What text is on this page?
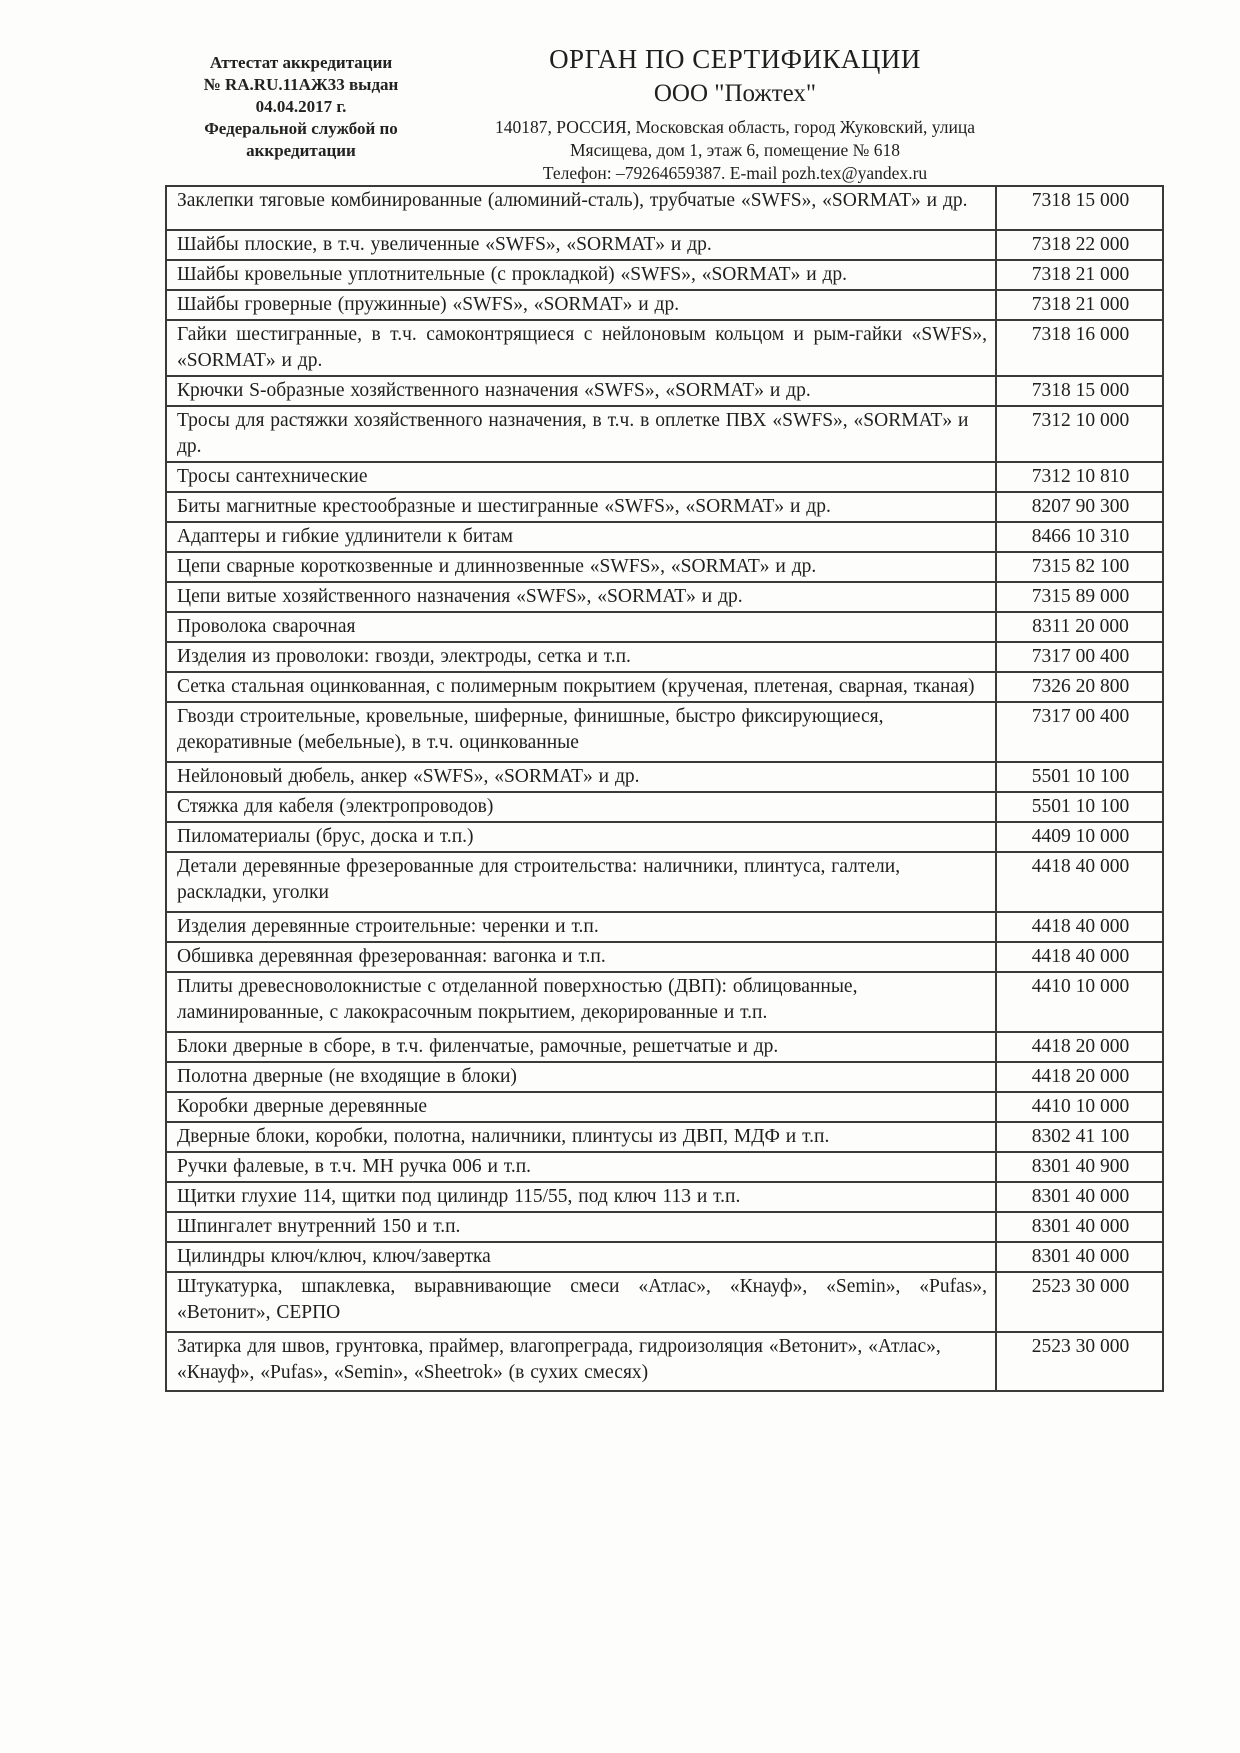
Аттестат аккредитации
№ RA.RU.11АЖ33 выдан
04.04.2017 г.
Федеральной службой по
аккредитации
ОРГАН ПО СЕРТИФИКАЦИИ
ООО "Пожтех"
140187, РОССИЯ, Московская область, город Жуковский, улица
Мясищева, дом 1, этаж 6, помещение № 618
Телефон: –79264659387. E-mail pozh.tex@yandex.ru
Заклепки тяговые комбинированные (алюминий-сталь), трубчатые «SWFS», «SORMAT» и др.	7318 15 000
Шайбы плоские, в т.ч. увеличенные «SWFS», «SORMAT» и др.	7318 22 000
Шайбы кровельные уплотнительные (с прокладкой) «SWFS», «SORMAT» и др.	7318 21 000
Шайбы гроверные (пружинные) «SWFS», «SORMAT» и др.	7318 21 000
Гайки шестигранные, в т.ч. самоконтрящиеся с нейлоновым кольцом и рым-гайки «SWFS», «SORMAT» и др.	7318 16 000
Крючки S-образные хозяйственного назначения «SWFS», «SORMAT» и др.	7318 15 000
Тросы для растяжки хозяйственного назначения, в т.ч. в оплетке ПВХ «SWFS», «SORMAT» и др.	7312 10 000
Тросы сантехнические	7312 10 810
Биты магнитные крестообразные и шестигранные «SWFS», «SORMAT» и др.	8207 90 300
Адаптеры и гибкие удлинители к битам	8466 10 310
Цепи сварные короткозвенные и длиннозвенные «SWFS», «SORMAT» и др.	7315 82 100
Цепи витые хозяйственного назначения «SWFS», «SORMAT» и др.	7315 89 000
Проволока сварочная	8311 20 000
Изделия из проволоки: гвозди, электроды, сетка и т.п.	7317 00 400
Сетка стальная оцинкованная, с полимерным покрытием (крученая, плетеная, сварная, тканая)	7326 20 800
Гвозди строительные, кровельные, шиферные, финишные, быстро фиксирующиеся, декоративные (мебельные), в т.ч. оцинкованные	7317 00 400
Нейлоновый дюбель, анкер «SWFS», «SORMAT» и др.	5501 10 100
Стяжка для кабеля (электропроводов)	5501 10 100
Пиломатериалы (брус, доска и т.п.)	4409 10 000
Детали деревянные фрезерованные для строительства: наличники, плинтуса, галтели, раскладки, уголки	4418 40 000
Изделия деревянные строительные: черенки и т.п.	4418 40 000
Обшивка деревянная фрезерованная: вагонка и т.п.	4418 40 000
Плиты древесноволокнистые с отделанной поверхностью (ДВП): облицованные, ламинированные, с лакокрасочным покрытием, декорированные и т.п.	4410 10 000
Блоки дверные в сборе, в т.ч. филенчатые, рамочные, решетчатые и др.	4418 20 000
Полотна дверные (не входящие в блоки)	4418 20 000
Коробки дверные деревянные	4410 10 000
Дверные блоки, коробки, полотна, наличники, плинтусы из ДВП, МДФ и т.п.	8302 41 100
Ручки фалевые, в т.ч. МН ручка 006 и т.п.	8301 40 900
Щитки глухие 114, щитки под цилиндр 115/55, под ключ 113 и т.п.	8301 40 000
Шпингалет внутренний 150 и т.п.	8301 40 000
Цилиндры ключ/ключ, ключ/завертка	8301 40 000
Штукатурка, шпаклевка, выравнивающие смеси «Атлас», «Кнауф», «Semin», «Pufas», «Ветонит», СЕРПО	2523 30 000
Затирка для швов, грунтовка, праймер, влагопреграда, гидроизоляция «Ветонит», «Атлас», «Кнауф», «Pufas», «Semin», «Sheetrok» (в сухих смесях)	2523 30 000
